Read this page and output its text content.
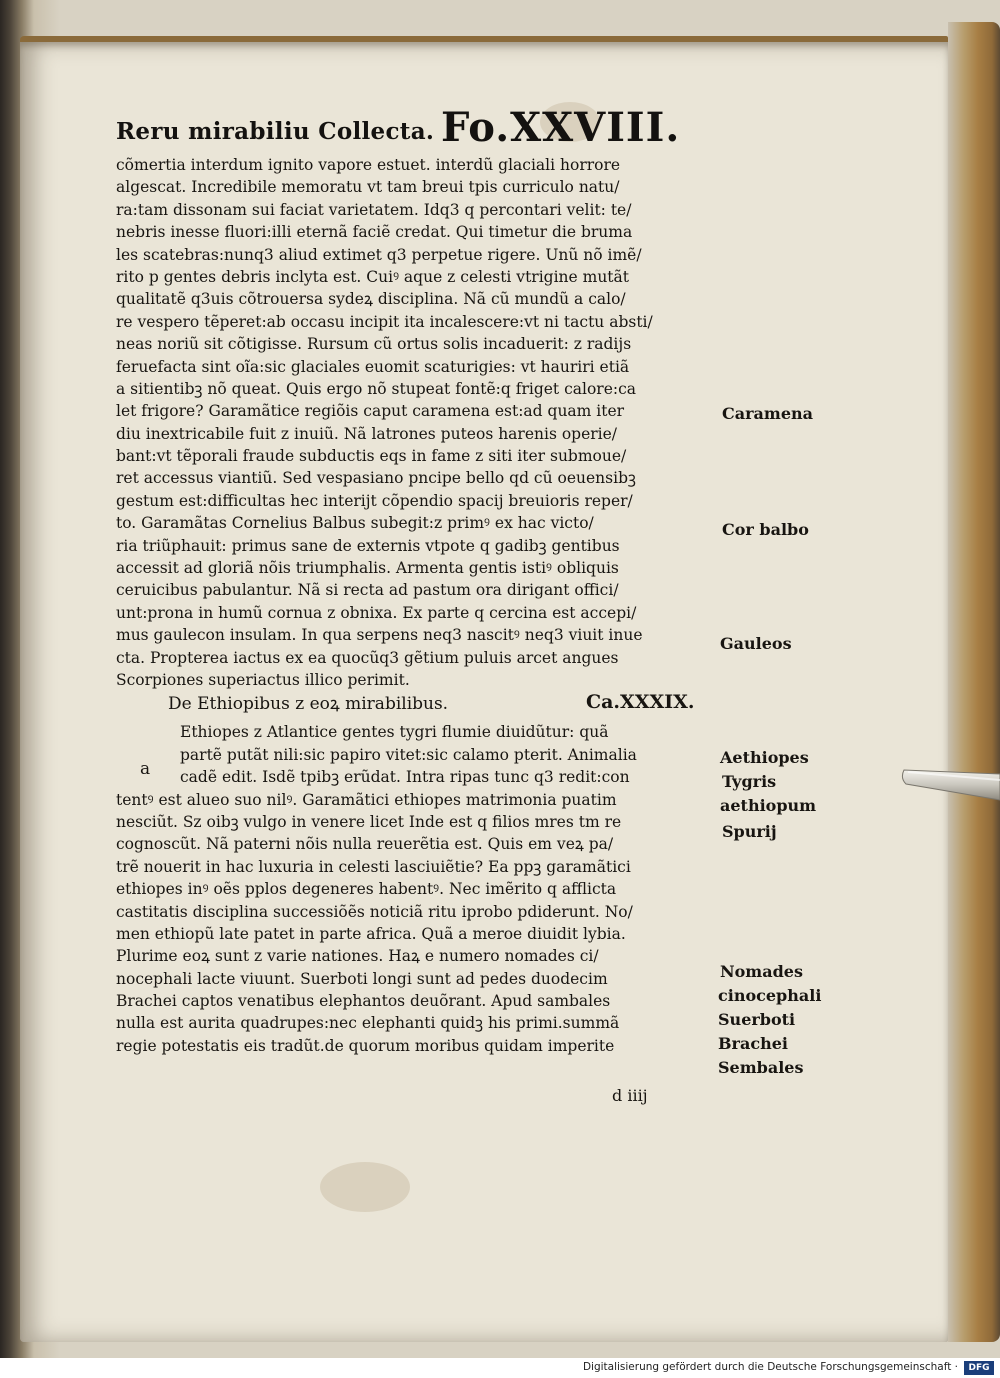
Reru mirabiliu Collecta. Fo.XXVIII.
cõmertia interdum ignito vapore estuet. interdũ glaciali horrore
algescat. Incredibile memoratu vt tam breui tpis curriculo natu/
ra:tam dissonam sui faciat varietatem. Idq3 q percontari velit: te/
nebris inesse fluori:illi eternã faciẽ credat. Qui timetur die bruma
les scatebras:nunq3 aliud extimet q3 perpetue rigere. Unũ nõ imẽ/
rito p gentes debris inclyta est. Cuiꝰ aque z celesti vtrigine mutãt
qualitatẽ q3uis cõtrouersa sydeꝝ disciplina. Nã cũ mundũ a calo/
re vespero tẽperet:ab occasu incipit ita incalescere:vt ni tactu absti/
neas noriũ sit cõtigisse. Rursum cũ ortus solis incaduerit: z radijs
feruefacta sint oĩa:sic glaciales euomit scaturigies: vt hauriri etiã
a sitientibꝫ nõ queat. Quis ergo nõ stupeat fontẽ:q friget calore:ca
let frigore? Garamãtice regiõis caput caramena est:ad quam iter
diu inextricabile fuit z inuiũ. Nã latrones puteos harenis operie/
bant:vt tẽporali fraude subductis eqs in fame z siti iter submoue/
ret accessus viantiũ. Sed vespasiano pncipe bello qd cũ oeuensibꝫ
gestum est:difficultas hec interijt cõpendio spacij breuioris reper/
to. Garamãtas Cornelius Balbus subegit:z primꝰ ex hac victo/
ria triũphauit: primus sane de externis vtpote q gadibꝫ gentibus
accessit ad gloriã nõis triumphalis. Armenta gentis istiꝰ obliquis
ceruicibus pabulantur. Nã si recta ad pastum ora dirigant offici/
unt:prona in humũ cornua z obnixa. Ex parte q cercina est accepi/
mus gaulecon insulam. In qua serpens neq3 nascitꝰ neq3 viuit inue
cta. Propterea iactus ex ea quocũq3 gẽtium puluis arcet angues
Scorpiones superiactus illico perimit.
De Ethiopibus z eoꝝ mirabilibus.	Ca.XXXIX.
Ethiopes z Atlantice gentes tygri flumie diuidũtur: quã
partẽ putãt nili:sic papiro vitet:sic calamo pterit. Animalia
cadẽ edit. Isdẽ tpibꝫ erũdat. Intra ripas tunc q3 redit:con
tentꝰ est alueo suo nilꝰ. Garamãtici ethiopes matrimonia puatim
nesciũt. Sz oibꝫ vulgo in venere licet Inde est q filios mres tm re
cognoscũt. Nã paterni nõis nulla reuerẽtia est. Quis em veꝝ pa/
trẽ nouerit in hac luxuria in celesti lasciuiẽtie? Ea ppꝫ garamãtici
ethiopes inꝰ oẽs pplos degeneres habentꝰ. Nec imẽrito q afflicta
castitatis disciplina successiõẽs noticiã ritu iprobo pdiderunt. No/
men ethiopũ late patet in parte africa. Quã a meroe diuidit lybia.
Plurime eoꝝ sunt z varie nationes. Haꝝ e numero nomades ci/
nocephali lacte viuunt. Suerboti longi sunt ad pedes duodecim
Brachei captos venatibus elephantos deuõrant. Apud sambales
nulla est aurita quadrupes:nec elephanti quidꝫ his primi.summã
regie potestatis eis tradũt.de quorum moribus quidam imperite
a
Caramena
Cor balbo
Gauleos
Aethiopes
Tygris
aethiopum
Spurij
Nomades
cinocephali
Suerboti
Brachei
Sembales
d iiij
Digitalisierung gefördert durch die Deutsche Forschungsgemeinschaft ·	DFG
